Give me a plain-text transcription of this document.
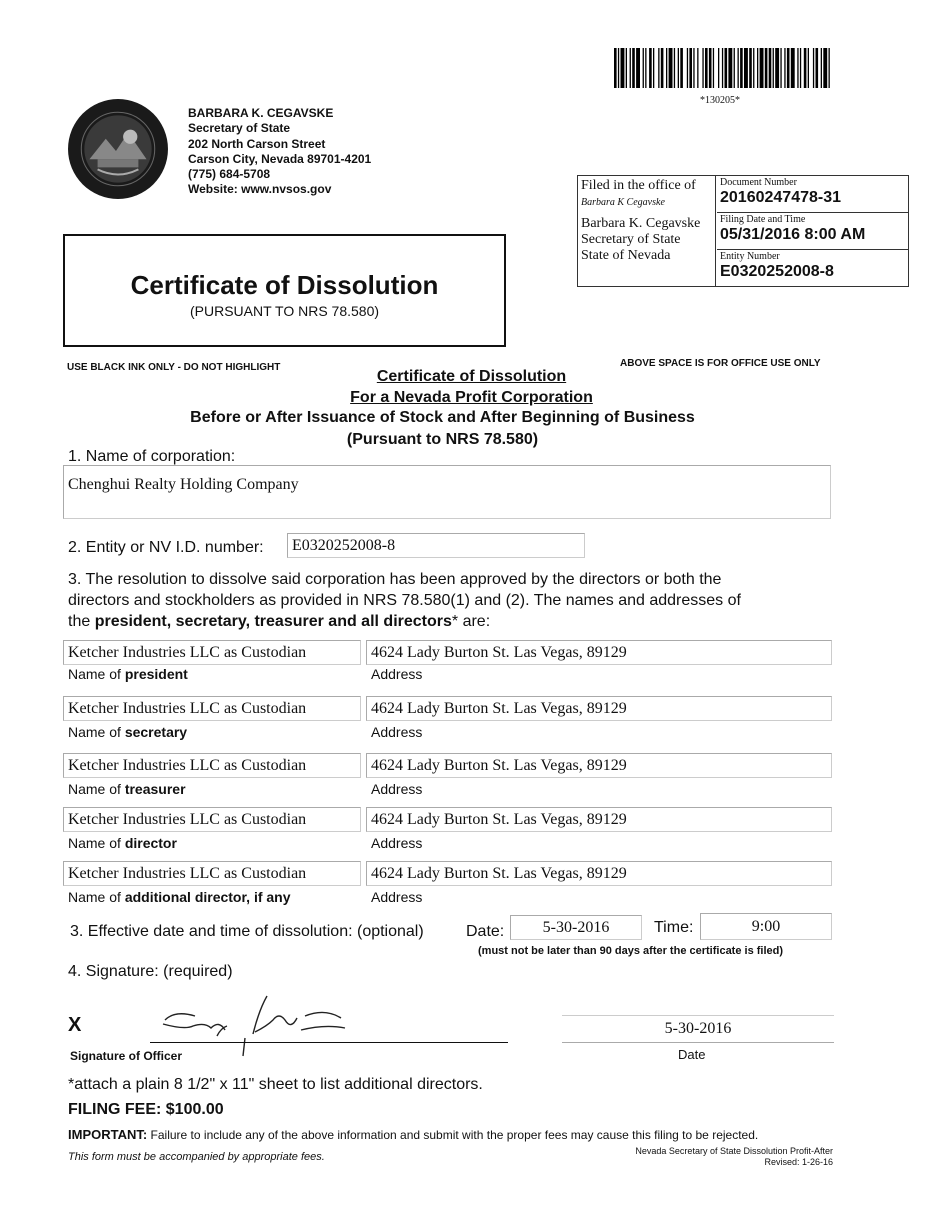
*130205*
BARBARA K. CEGAVSKE
Secretary of State
202 North Carson Street
Carson City, Nevada 89701-4201
(775) 684-5708
Website: www.nvsos.gov	Filed in the office of
Barbara K Cegavske
Barbara K. Cegavske
Secretary of State
State of Nevada
Document Number
20160247478-31
Filing Date and Time
05/31/2016 8:00 AM
Entity Number
E0320252008-8
Certificate of Dissolution
(PURSUANT TO NRS 78.580)
USE BLACK INK ONLY - DO NOT HIGHLIGHT	ABOVE SPACE IS FOR OFFICE USE ONLY
Certificate of Dissolution
For a Nevada Profit Corporation
Before or After Issuance of Stock and After Beginning of Business
(Pursuant to NRS 78.580)
1. Name of corporation:
Chenghui Realty Holding Company
2. Entity or NV I.D. number:	E0320252008-8
3. The resolution to dissolve said corporation has been approved by the directors or both the
directors and stockholders as provided in NRS 78.580(1) and (2). The names and addresses of
the president, secretary, treasurer and all directors* are:
Ketcher Industries LLC as Custodian	4624 Lady Burton St. Las Vegas, 89129
Name of president	Address
Ketcher Industries LLC as Custodian	4624 Lady Burton St. Las Vegas, 89129
Name of secretary	Address
Ketcher Industries LLC as Custodian	4624 Lady Burton St. Las Vegas, 89129
Name of treasurer	Address
Ketcher Industries LLC as Custodian	4624 Lady Burton St. Las Vegas, 89129
Name of director	Address
Ketcher Industries LLC as Custodian	4624 Lady Burton St. Las Vegas, 89129
Name of additional director, if any	Address
3. Effective date and time of dissolution: (optional)	Date:	5-30-2016	Time:	9:00
(must not be later than 90 days after the certificate is filed)
4. Signature: (required)
X
Signature of Officer
5-30-2016
Date
*attach a plain 8 1/2" x 11" sheet to list additional directors.
FILING FEE: $100.00
IMPORTANT: Failure to include any of the above information and submit with the proper fees may cause this filing to be rejected.
This form must be accompanied by appropriate fees.	Nevada Secretary of State Dissolution Profit-After
Revised: 1-26-16
